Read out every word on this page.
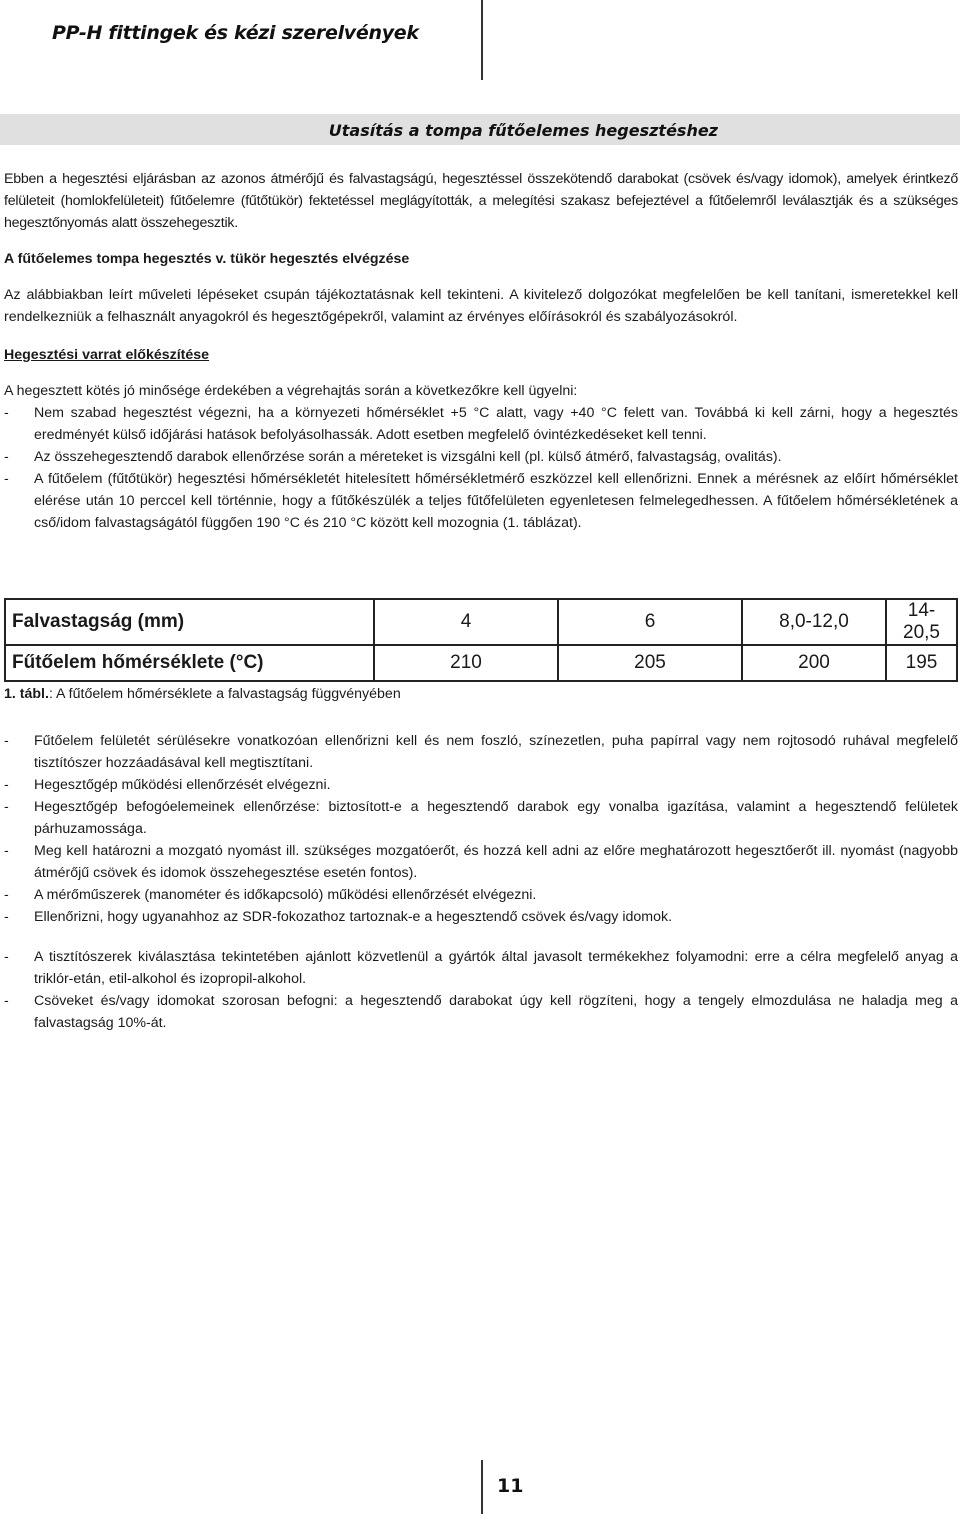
PP-H fittingek és kézi szerelvények
Utasítás a tompa fűtőelemes hegesztéshez

Ebben a hegesztési eljárásban az azonos átmérőjű és falvastagságú, hegesztéssel összekötendő darabokat (csövek és/vagy idomok), amelyek érintkező felületeit (homlokfelületeit) fűtőelemre (fűtőtükör) fektetéssel meglágyították, a melegítési szakasz befejeztével a fűtőelemről leválasztják és a szükséges hegesztőnyomás alatt összehegesztik.

A fűtőelemes tompa hegesztés v. tükör hegesztés elvégzése

Az alábbiakban leírt műveleti lépéseket csupán tájékoztatásnak kell tekinteni. A kivitelező dolgozókat megfelelően be kell tanítani, ismeretekkel kell rendelkezniük a felhasznált anyagokról és hegesztőgépekről, valamint az érvényes előírásokról és szabályozásokról.

Hegesztési varrat előkészítése

A hegesztett kötés jó minősége érdekében a végrehajtás során a következőkre kell ügyelni:

- Nem szabad hegesztést végezni, ha a környezeti hőmérséklet +5 °C alatt, vagy +40 °C felett van. Továbbá ki kell zárni, hogy a hegesztés eredményét külső időjárási hatások befolyásolhassák. Adott esetben megfelelő óvintézkedéseket kell tenni.
- Az összehegesztendő darabok ellenőrzése során a méreteket is vizsgálni kell (pl. külső átmérő, falvastagság, ovalitás).
- A fűtőelem (fűtőtükör) hegesztési hőmérsékletét hitelesített hőmérsékletmérő eszközzel kell ellenőrizni. Ennek a mérésnek az előírt hőmérséklet elérése után 10 perccel kell történnie, hogy a fűtőkészülék a teljes fűtőfelületen egyenletesen felmelegedhessen. A fűtőelem hőmérsékletének a cső/idom falvastagságától függően 190 °C és 210 °C között kell mozognia (1. táblázat).
Falvastagság (mm)	4	6	8,0-12,0	14-20,5
Fűtőelem hőmérséklete (°C)	210	205	200	195
1. tábl.: A fűtőelem hőmérséklete a falvastagság függvényében
- Fűtőelem felületét sérülésekre vonatkozóan ellenőrizni kell és nem foszló, színezetlen, puha papírral vagy nem rojtosodó ruhával megfelelő tisztítószer hozzáadásával kell megtisztítani.
- Hegesztőgép működési ellenőrzését elvégezni.
- Hegesztőgép befogóelemeinek ellenőrzése: biztosított-e a hegesztendő darabok egy vonalba igazítása, valamint a hegesztendő felületek párhuzamossága.
- Meg kell határozni a mozgató nyomást ill. szükséges mozgatóerőt, és hozzá kell adni az előre meghatározott hegesztőerőt ill. nyomást (nagyobb átmérőjű csövek és idomok összehegesztése esetén fontos).
- A mérőműszerek (manométer és időkapcsoló) működési ellenőrzését elvégezni.
- Ellenőrizni, hogy ugyanahhoz az SDR-fokozathoz tartoznak-e a hegesztendő csövek és/vagy idomok.
- A tisztítószerek kiválasztása tekintetében ajánlott közvetlenül a gyártók által javasolt termékekhez folyamodni: erre a célra megfelelő anyag a triklór-etán, etil-alkohol és izopropil-alkohol.
- Csöveket és/vagy idomokat szorosan befogni: a hegesztendő darabokat úgy kell rögzíteni, hogy a tengely elmozdulása ne haladja meg a falvastagság 10%-át.
11
